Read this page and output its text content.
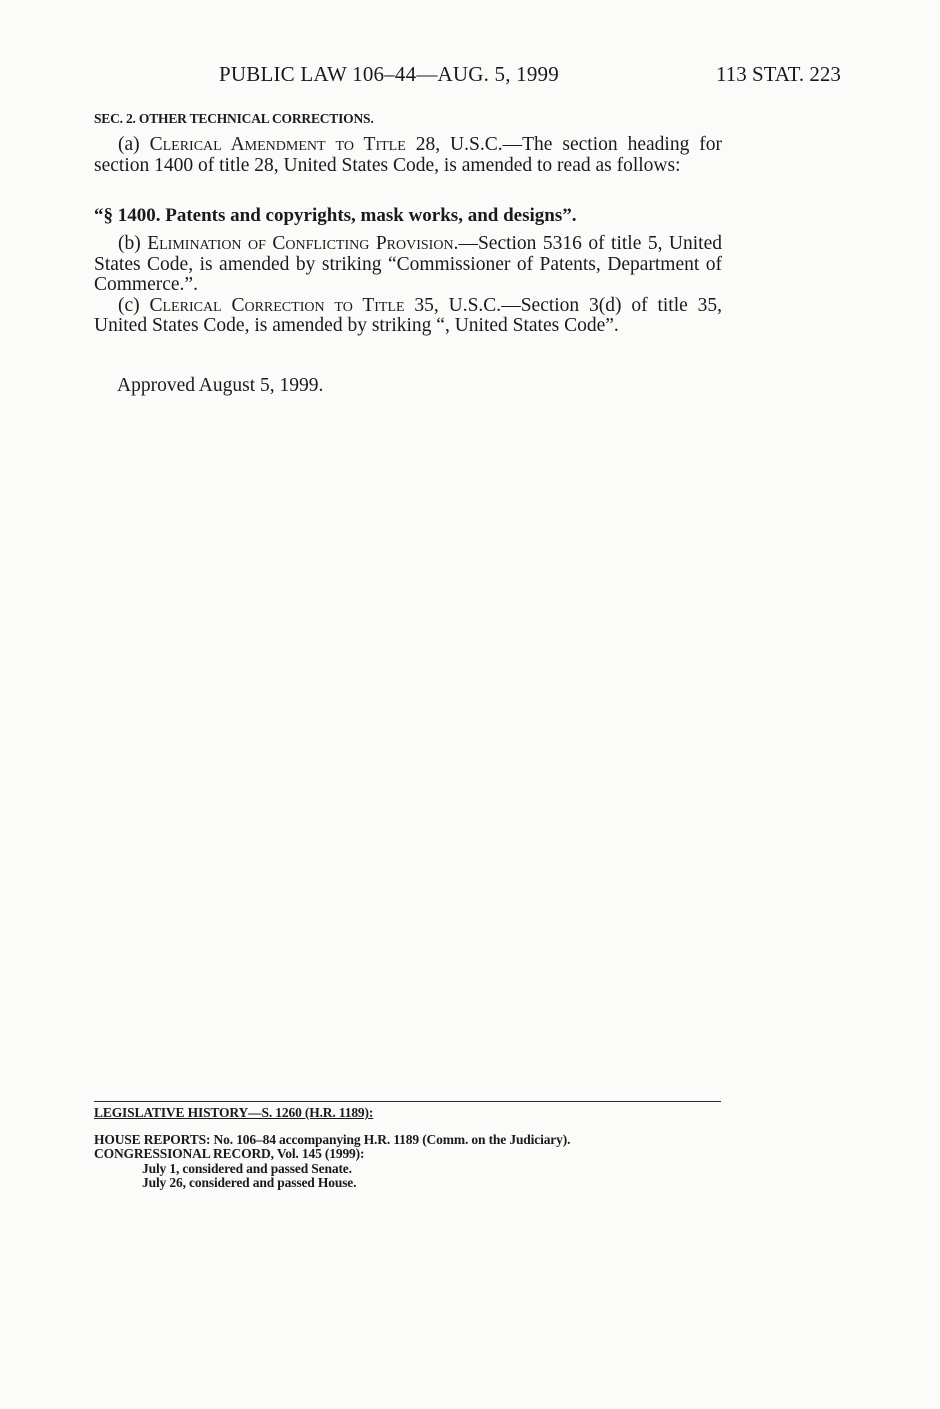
PUBLIC LAW 106–44—AUG. 5, 1999	113 STAT. 223
SEC. 2. OTHER TECHNICAL CORRECTIONS.

(a) Clerical Amendment to Title 28, U.S.C.—The section heading for section 1400 of title 28, United States Code, is amended to read as follows:

“§ 1400. Patents and copyrights, mask works, and designs”.

(b) Elimination of Conflicting Provision.—Section 5316 of title 5, United States Code, is amended by striking “Commissioner of Patents, Department of Commerce.”.

(c) Clerical Correction to Title 35, U.S.C.—Section 3(d) of title 35, United States Code, is amended by striking “, United States Code”.

Approved August 5, 1999.
LEGISLATIVE HISTORY—S. 1260 (H.R. 1189):
HOUSE REPORTS: No. 106–84 accompanying H.R. 1189 (Comm. on the Judiciary).
CONGRESSIONAL RECORD, Vol. 145 (1999):
July 1, considered and passed Senate.
July 26, considered and passed House.
